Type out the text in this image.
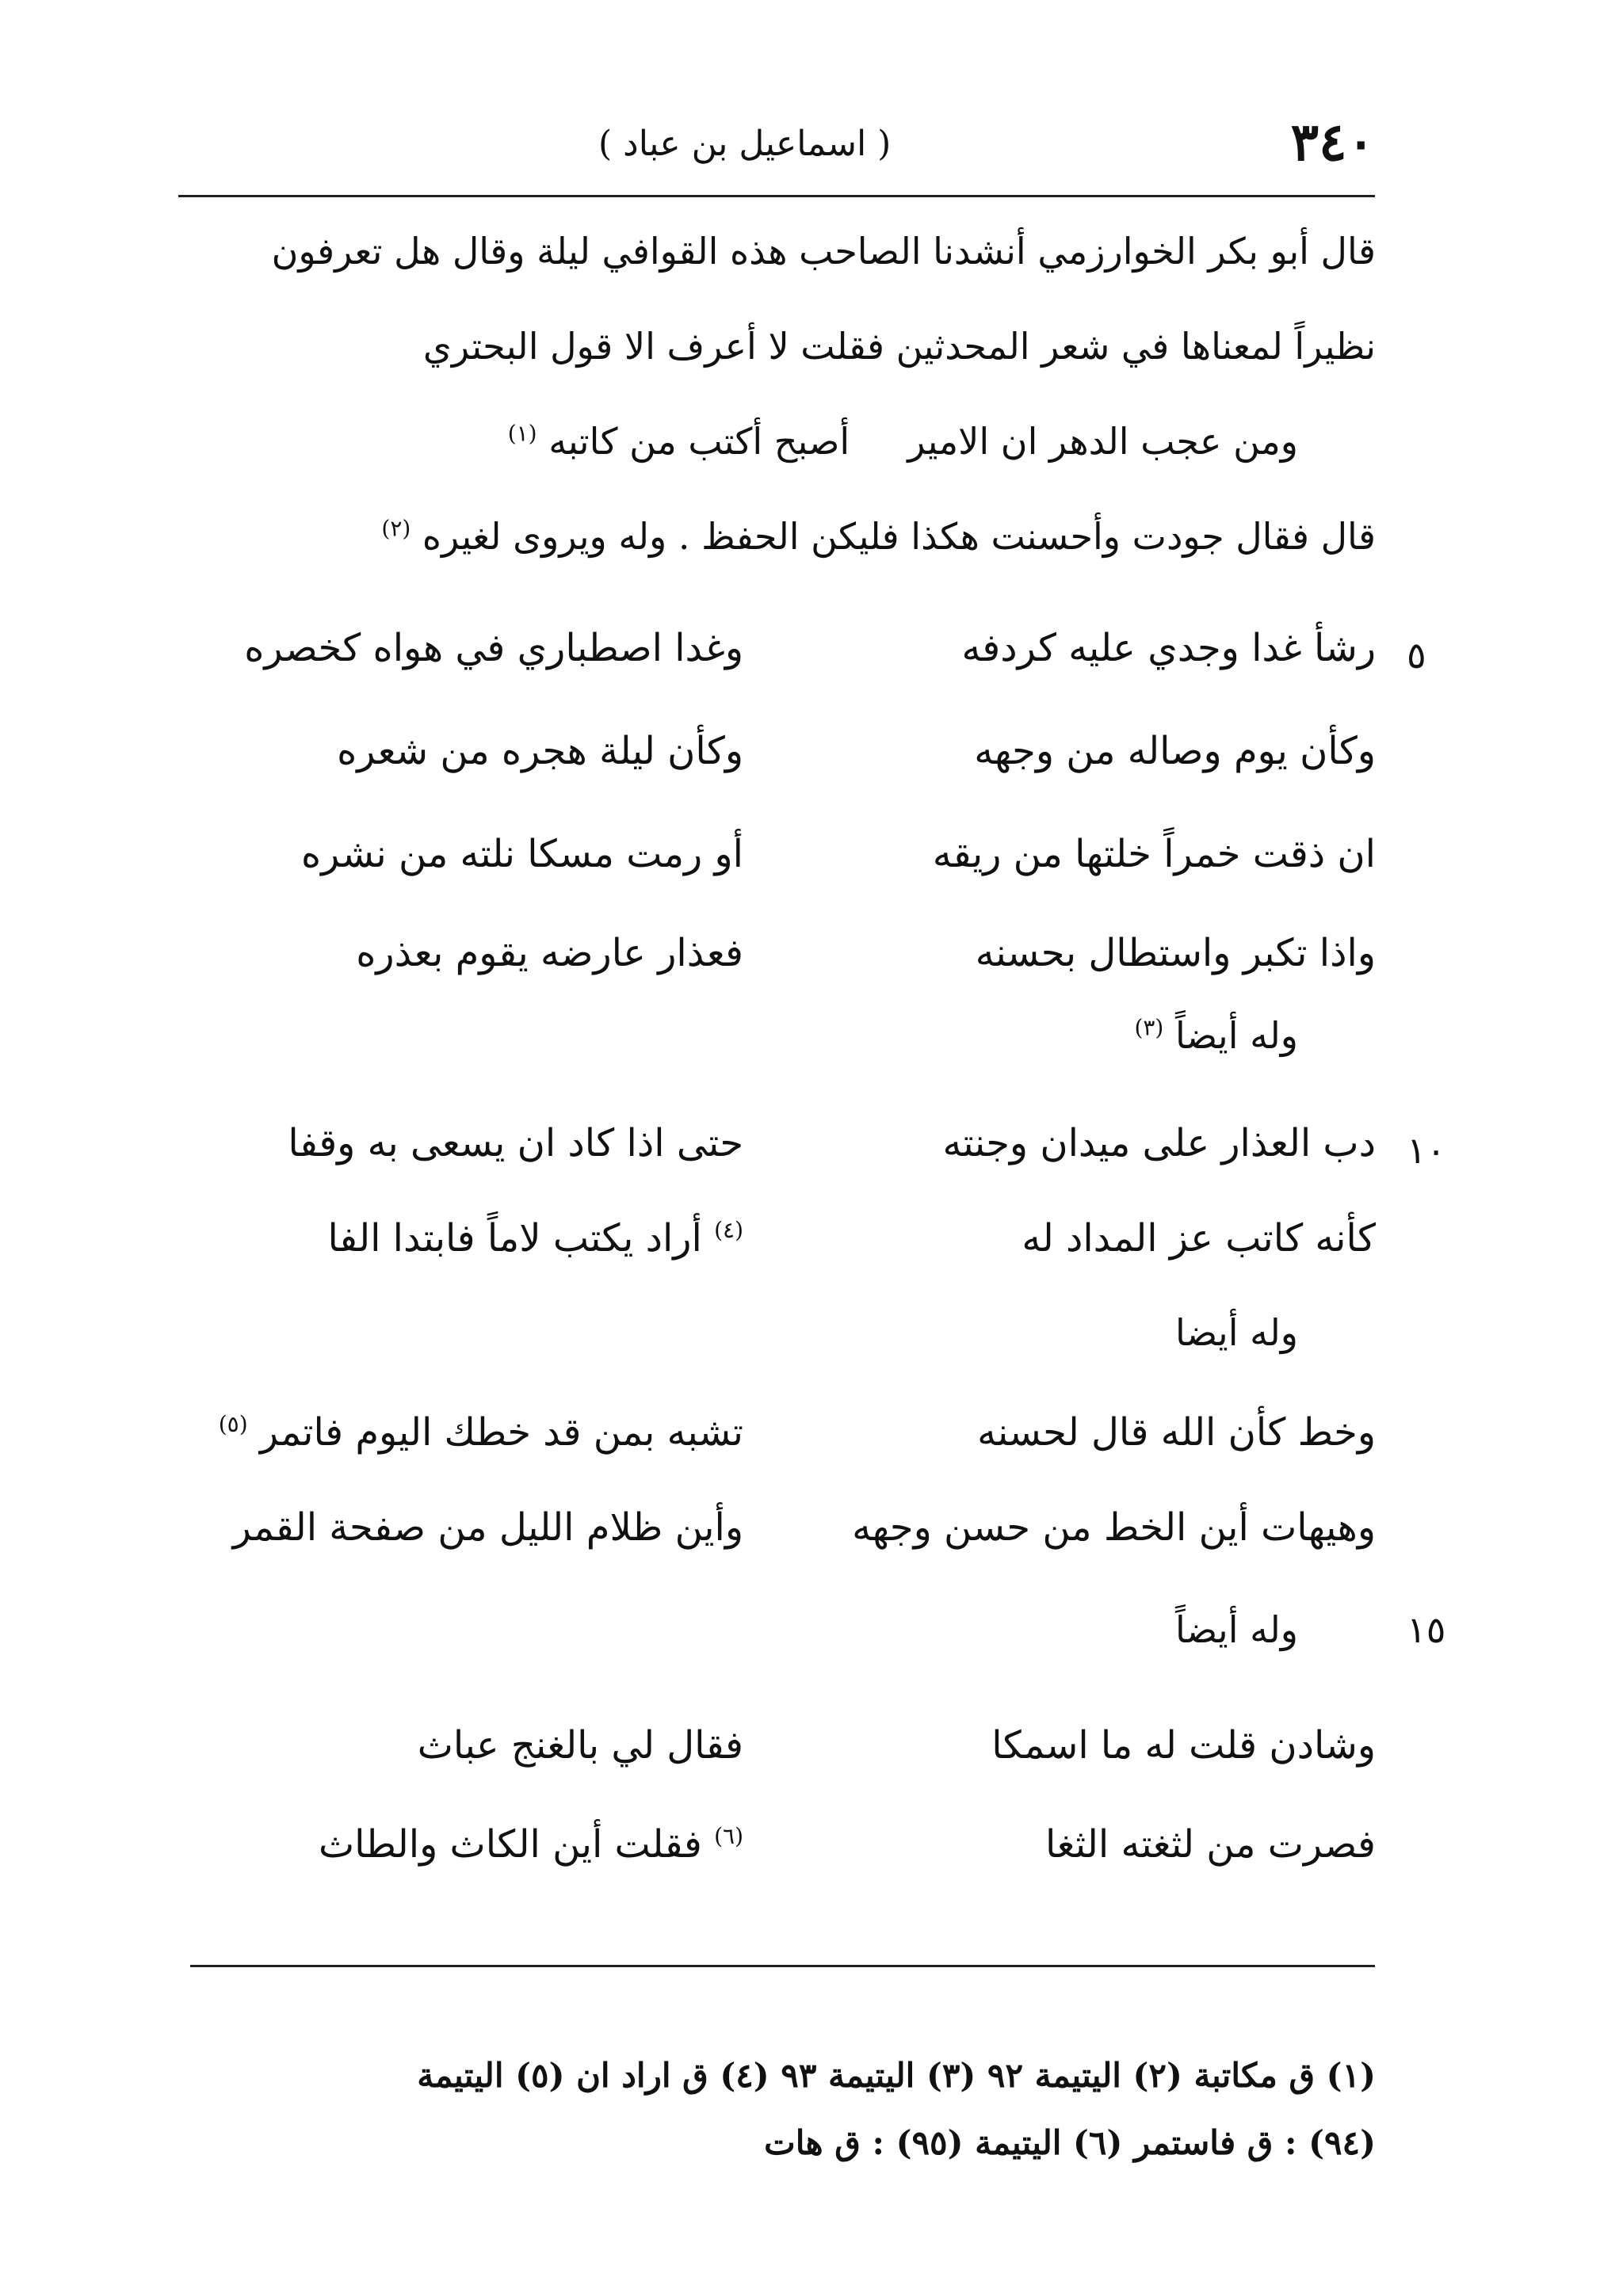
٣٤٠
( اسماعيل بن عباد )
قال أبو بكر الخوارزمي أنشدنا الصاحب هذه القوافي ليلة وقال هل تعرفون
نظيراً لمعناها في شعر المحدثين فقلت لا أعرف الا قول البحتري
ومن عجب الدهر ان الامير     أصبح أكتب من كاتبه $^{(١)}$
قال فقال جودت وأحسنت هكذا فليكن الحفظ . وله ويروى لغيره $^{(٢)}$
٥
رشأ غدا وجدي عليه كردفه
وغدا اصطباري في هواه كخصره
وكأن يوم وصاله من وجهه
وكأن ليلة هجره من شعره
ان ذقت خمراً خلتها من ريقه
أو رمت مسكا نلته من نشره
واذا تكبر واستطال بحسنه
فعذار عارضه يقوم بعذره
وله أيضاً $^{(٣)}$
١٠
دب العذار على ميدان وجنته
حتى اذا كاد ان يسعى به وقفا
كأنه كاتب عز المداد له
$^{(٤)}$ أراد يكتب لاماً فابتدا الفا
وله أيضا
وخط كأن الله قال لحسنه
تشبه بمن قد خطك اليوم فاتمر $^{(٥)}$
وهيهات أين الخط من حسن وجهه
وأين ظلام الليل من صفحة القمر
١٥
وله أيضاً
وشادن قلت له ما اسمكا
فقال لي بالغنج عباث
فصرت من لثغته الثغا
$^{(٦)}$ فقلت أين الكاث والطاث
(١) ق مكاتبة (٢) اليتيمة ٩٢ (٣) اليتيمة ٩٣ (٤) ق اراد ان (٥) اليتيمة
(٩٤) : ق فاستمر (٦) اليتيمة (٩٥) : ق هات
